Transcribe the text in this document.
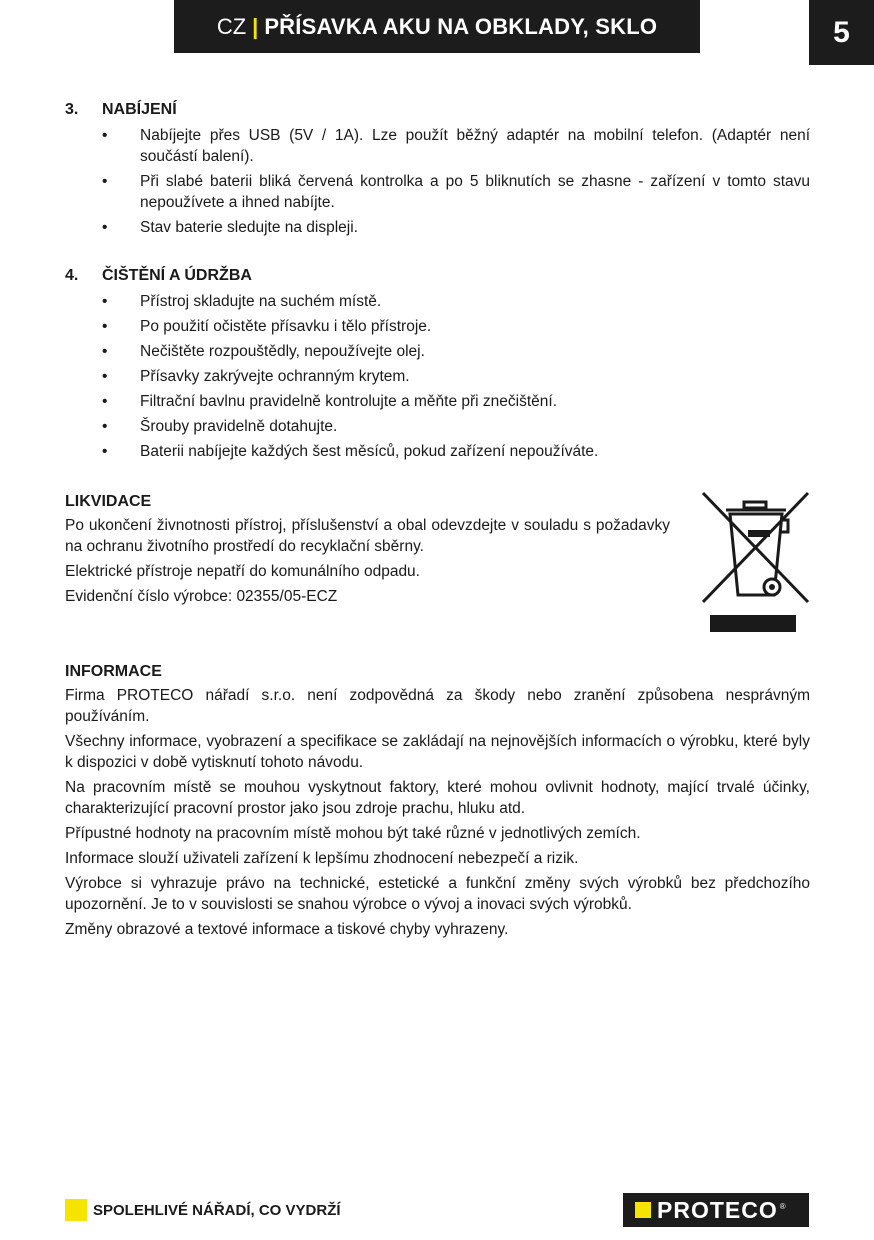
CZ | PŘÍSAVKA AKU NA OBKLADY, SKLO	5
3. NABÍJENÍ
• Nabíjejte přes USB (5V / 1A). Lze použít běžný adaptér na mobilní telefon. (Adaptér není součástí balení).
• Při slabé baterii bliká červená kontrolka a po 5 bliknutích se zhasne - zařízení v tomto stavu nepoužívete a ihned nabíjte.
• Stav baterie sledujte na displeji.
4. ČIŠTĚNÍ A ÚDRŽBA
• Přístroj skladujte na suchém místě.
• Po použití očistěte přísavku i tělo přístroje.
• Nečištěte rozpouštědly, nepoužívejte olej.
• Přísavky zakrývejte ochranným krytem.
• Filtrační bavlnu pravidelně kontrolujte a měňte při znečištění.
• Šrouby pravidelně dotahujte.
• Baterii nabíjejte každých šest měsíců, pokud zařízení nepoužíváte.
LIKVIDACE

Po ukončení živnotnosti přístroj, příslušenství a obal odevzdejte v souladu s požadavky na ochranu životního prostředí do recyklační sběrny.

Elektrické přístroje nepatří do komunálního odpadu.

Evidenční číslo výrobce: 02355/05-ECZ

INFORMACE

Firma PROTECO nářadí s.r.o. není zodpovědná za škody nebo zranění způsobena nesprávným používáním.

Všechny informace, vyobrazení a specifikace se zakládají na nejnovějších informacích o výrobku, které byly k dispozici v době vytisknutí tohoto návodu.

Na pracovním místě se mouhou vyskytnout faktory, které mohou ovlivnit hodnoty, mající trvalé účinky, charakterizující pracovní prostor jako jsou zdroje prachu, hluku atd.

Přípustné hodnoty na pracovním místě mohou být také různé v jednotlivých zemích.

Informace slouží uživateli zařízení k lepšímu zhodnocení nebezpečí a rizik.

Výrobce si vyhrazuje právo na technické, estetické a funkční změny svých výrobků bez předchozího upozornění. Je to v souvislosti se snahou výrobce o vývoj a inovaci svých výrobků.

Změny obrazové a textové informace a tiskové chyby vyhrazeny.

SPOLEHLIVÉ NÁŘADÍ, CO VYDRŽÍ	PROTECO ®
